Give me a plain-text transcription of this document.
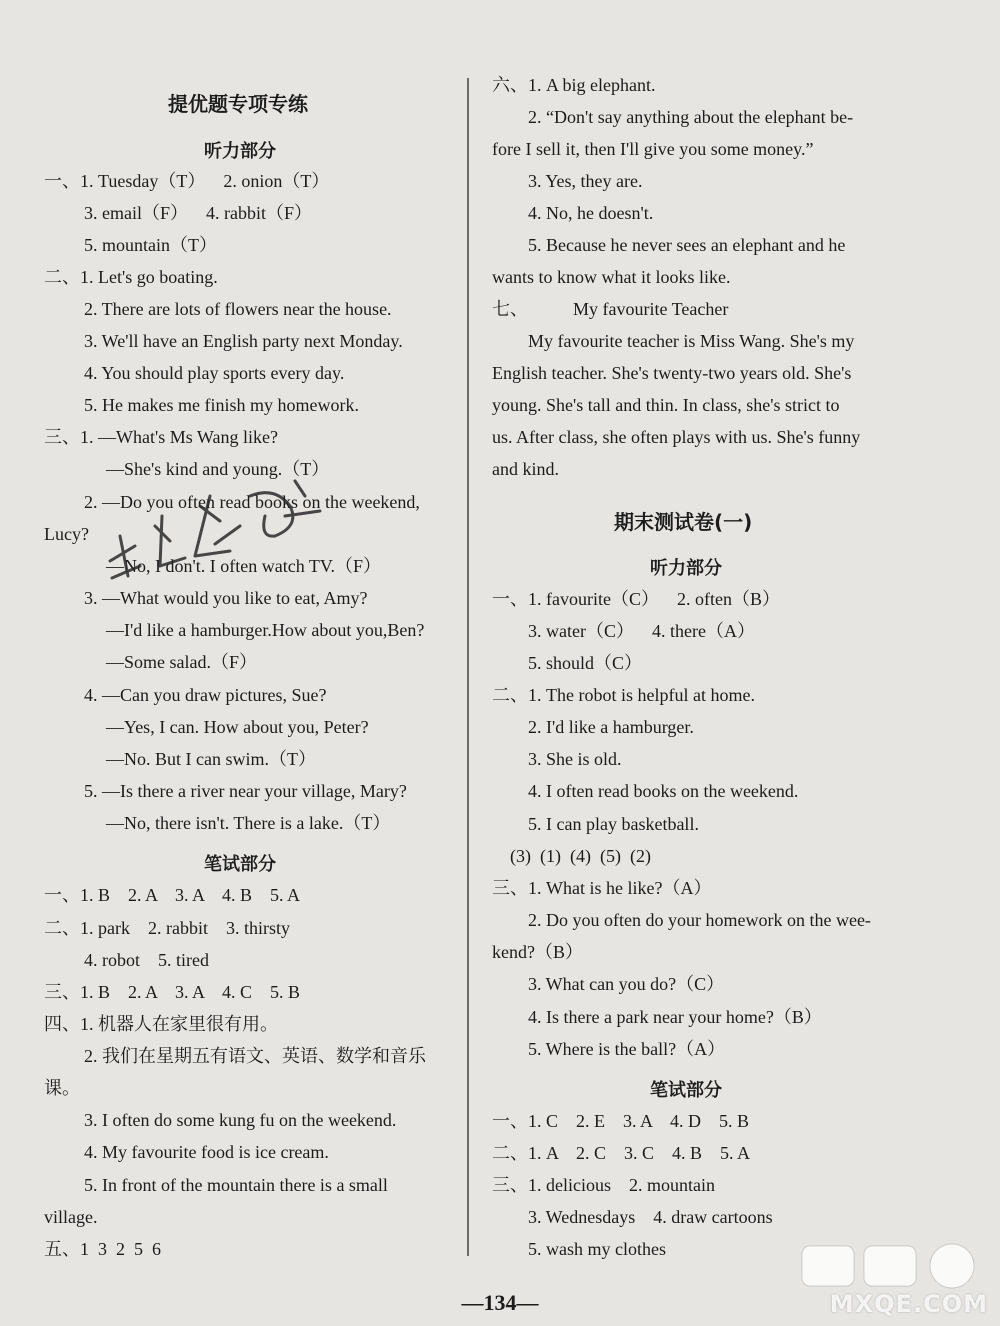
提优题专项专练
听力部分
一、1. Tuesday（T）    2. onion（T）
3. email（F）    4. rabbit（F）
5. mountain（T）
二、1. Let's go boating.
2. There are lots of flowers near the house.
3. We'll have an English party next Monday.
4. You should play sports every day.
5. He makes me finish my homework.
三、1. —What's Ms Wang like?
—She's kind and young.（T）
2. —Do you often read books on the weekend,
Lucy?
—No, I don't. I often watch TV.（F）
3. —What would you like to eat, Amy?
—I'd like a hamburger.How about you,Ben?
—Some salad.（F）
4. —Can you draw pictures, Sue?
—Yes, I can. How about you, Peter?
—No. But I can swim.（T）
5. —Is there a river near your village, Mary?
—No, there isn't. There is a lake.（T）
笔试部分
一、1. B    2. A    3. A    4. B    5. A
二、1. park    2. rabbit    3. thirsty
4. robot    5. tired
三、1. B    2. A    3. A    4. C    5. B
四、1. 机器人在家里很有用。
2. 我们在星期五有语文、英语、数学和音乐
课。
3. I often do some kung fu on the weekend.
4. My favourite food is ice cream.
5. In front of the mountain there is a small
village.
五、1  3  2  5  6
六、1. A big elephant.
2. “Don't say anything about the elephant be-
fore I sell it, then I'll give you some money.”
3. Yes, they are.
4. No, he doesn't.
5. Because he never sees an elephant and he
wants to know what it looks like.
七、          My favourite Teacher
My favourite teacher is Miss Wang. She's my
English teacher. She's twenty-two years old. She's
young. She's tall and thin. In class, she's strict to
us. After class, she often plays with us. She's funny
and kind.
期末测试卷(一)
听力部分
一、1. favourite（C）    2. often（B）
3. water（C）    4. there（A）
5. should（C）
二、1. The robot is helpful at home.
2. I'd like a hamburger.
3. She is old.
4. I often read books on the weekend.
5. I can play basketball.
(3)  (1)  (4)  (5)  (2)
三、1. What is he like?（A）
2. Do you often do your homework on the wee-
kend?（B）
3. What can you do?（C）
4. Is there a park near your home?（B）
5. Where is the ball?（A）
笔试部分
一、1. C    2. E    3. A    4. D    5. B
二、1. A    2. C    3. C    4. B    5. A
三、1. delicious    2. mountain
3. Wednesdays    4. draw cartoons
5. wash my clothes
—134—	MXQE.COM
